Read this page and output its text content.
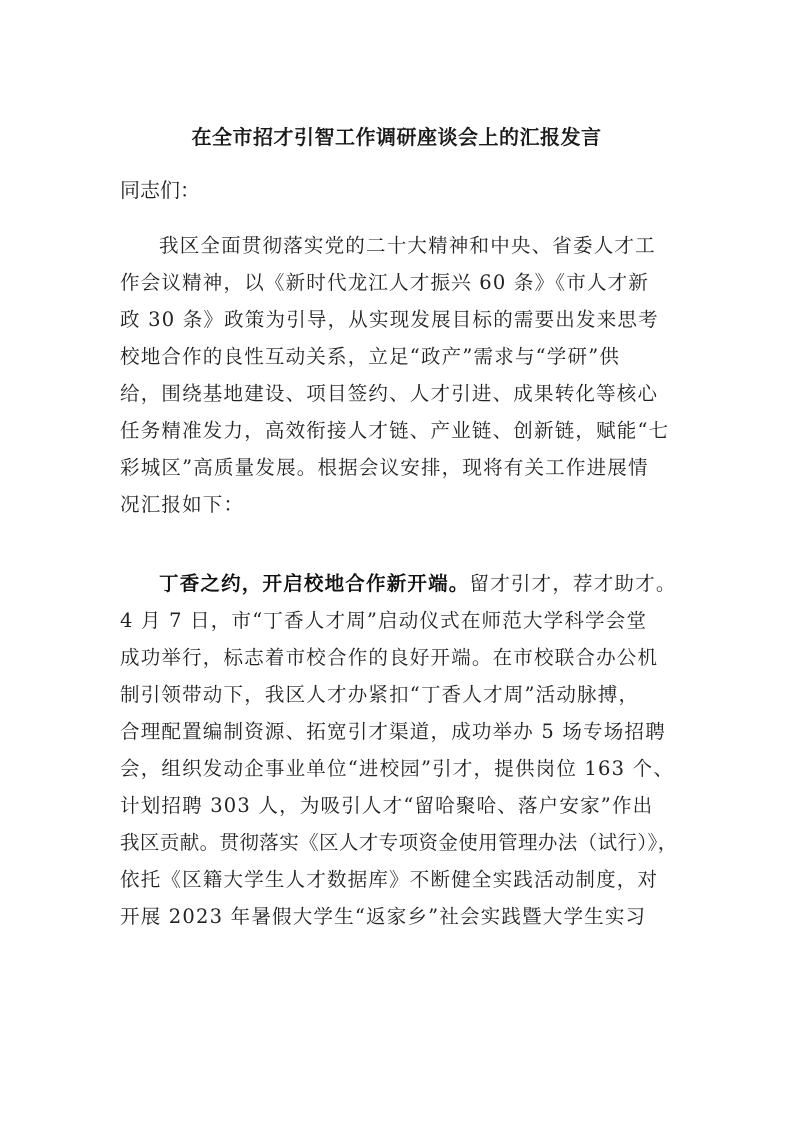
在全市招才引智工作调研座谈会上的汇报发言
同志们：
我区全面贯彻落实党的二十大精神和中央、省委人才工
作会议精神，以《新时代龙江人才振兴 60 条》《市人才新
政 30 条》政策为引导，从实现发展目标的需要出发来思考
校地合作的良性互动关系，立足“政产”需求与“学研”供
给，围绕基地建设、项目签约、人才引进、成果转化等核心
任务精准发力，高效衔接人才链、产业链、创新链，赋能“七
彩城区”高质量发展。根据会议安排，现将有关工作进展情
况汇报如下：
丁香之约，开启校地合作新开端。留才引才，荐才助才。
4 月 7 日，市“丁香人才周”启动仪式在师范大学科学会堂
成功举行，标志着市校合作的良好开端。在市校联合办公机
制引领带动下，我区人才办紧扣“丁香人才周”活动脉搏，
合理配置编制资源、拓宽引才渠道，成功举办 5 场专场招聘
会，组织发动企事业单位“进校园”引才，提供岗位 163 个、
计划招聘 303 人，为吸引人才“留哈聚哈、落户安家”作出
我区贡献。贯彻落实《区人才专项资金使用管理办法（试行）》，
依托《区籍大学生人才数据库》不断健全实践活动制度，对
开展 2023 年暑假大学生“返家乡”社会实践暨大学生实习
